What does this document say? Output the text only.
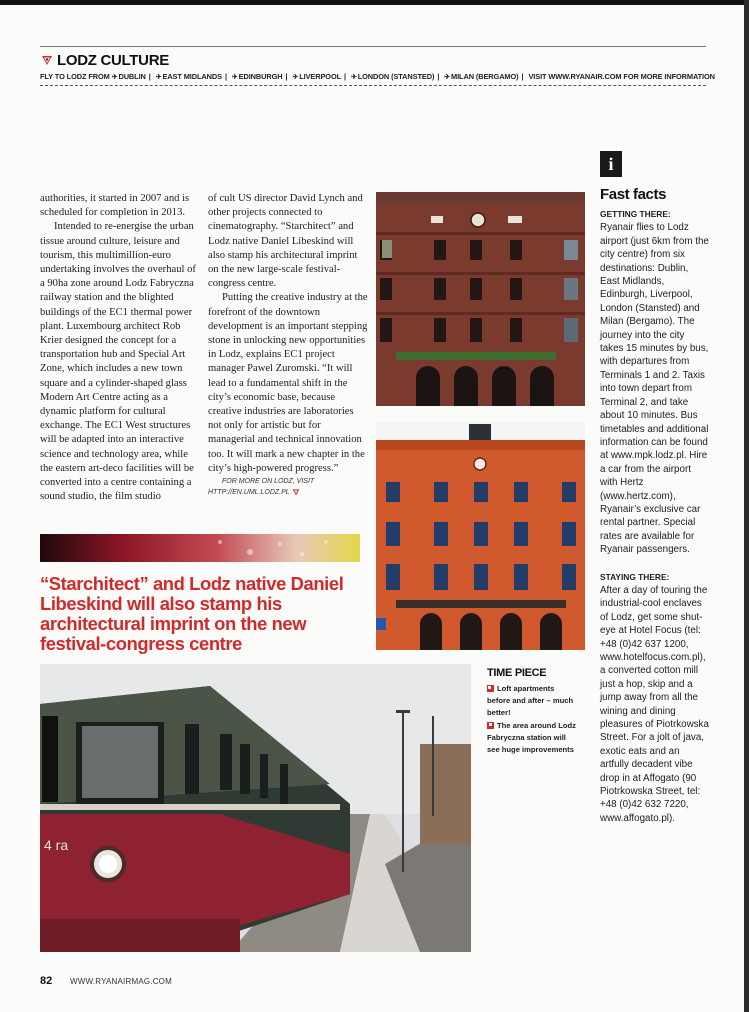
LODZ CULTURE
FLY TO LODZ FROM ✈ DUBLIN | ✈ EAST MIDLANDS | ✈ EDINBURGH | ✈ LIVERPOOL | ✈ LONDON (STANSTED) | ✈ MILAN (BERGAMO) | VISIT WWW.RYANAIR.COM FOR MORE INFORMATION

authorities, it started in 2007 and is scheduled for completion in 2013.

Intended to re-energise the urban tissue around culture, leisure and tourism, this multimillion-euro undertaking involves the overhaul of a 90ha zone around Lodz Fabryczna railway station and the blighted buildings of the EC1 thermal power plant. Luxembourg architect Rob Krier designed the concept for a transportation hub and Special Art Zone, which includes a new town square and a cylinder-shaped glass Modern Art Centre acting as a dynamic platform for cultural exchange. The EC1 West structures will be adapted into an interactive science and technology area, while the eastern art-deco facilities will be converted into a centre containing a sound studio, the film studio

of cult US director David Lynch and other projects connected to cinematography. “Starchitect” and Lodz native Daniel Libeskind will also stamp his architectural imprint on the new large-scale festival-congress centre.

Putting the creative industry at the forefront of the downtown development is an important stepping stone in unlocking new opportunities in Lodz, explains EC1 project manager Pawel Zuromski. “It will lead to a fundamental shift in the city’s economic base, because creative industries are laboratories not only for artistic but for managerial and technical innovation too. It will mark a new chapter in the city’s high-powered progress.”

FOR MORE ON LODZ, VISIT HTTP://EN.UML.LODZ.PL

“Starchitect” and Lodz native Daniel Libeskind will also stamp his architectural imprint on the new festival-congress centre
i
Fast facts

GETTING THERE:

Ryanair flies to Lodz airport (just 6km from the city centre) from six destinations: Dublin, East Midlands, Edinburgh, Liverpool, London (Stansted) and Milan (Bergamo). The journey into the city takes 15 minutes by bus, with departures from Terminals 1 and 2. Taxis into town depart from Terminal 2, and take about 10 minutes. Bus timetables and additional information can be found at www.mpk.lodz.pl. Hire a car from the airport with Hertz (www.hertz.com), Ryanair’s exclusive car rental partner. Special rates are available for Ryanair passengers.

STAYING THERE:

After a day of touring the industrial-cool enclaves of Lodz, get some shut-eye at Hotel Focus (tel: +48 (0)42 637 1200, www.hotelfocus.com.pl), a converted cotton mill just a hop, skip and a jump away from all the wining and dining pleasures of Piotrkowska Street. For a jolt of java, exotic eats and an artfully decadent vibe drop in at Affogato (90 Piotrkowska Street, tel: +48 (0)42 632 7220, www.affogato.pl).

4 ra
TIME PIECE
Loft apartments before and after – much better!
The area around Lodz Fabryczna station will see huge improvements
82 WWW.RYANAIRMAG.COM
